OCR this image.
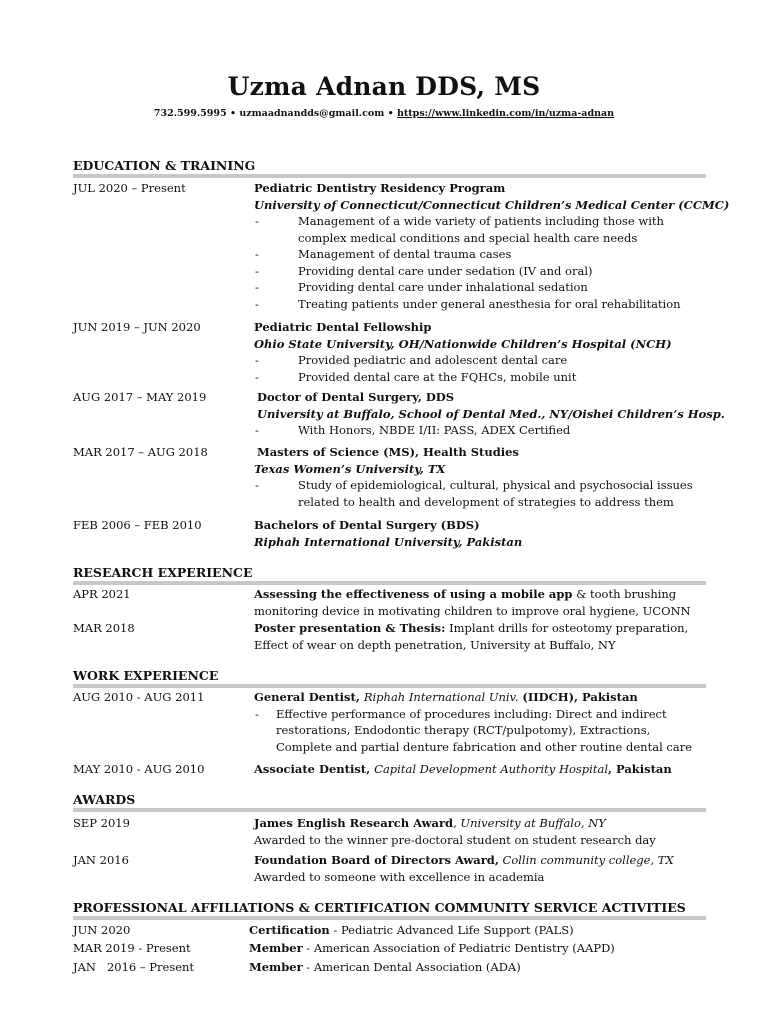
Uzma Adnan DDS, MS
732.599.5995 • uzmaadnandds@gmail.com • https://www.linkedin.com/in/uzma-adnan
EDUCATION & TRAINING
JUL 2020 – Present	Pediatric Dentistry Residency Program
University of Connecticut/Connecticut Children’s Medical Center (CCMC)
-	Management of a wide variety of patients including those with
complex medical conditions and special health care needs
-	Management of dental trauma cases
-	Providing dental care under sedation (IV and oral)
-	Providing dental care under inhalational sedation
-	Treating patients under general anesthesia for oral rehabilitation
JUN 2019 – JUN 2020	Pediatric Dental Fellowship
Ohio State University, OH/Nationwide Children’s Hospital (NCH)
-	Provided pediatric and adolescent dental care
-	Provided dental care at the FQHCs, mobile unit
AUG 2017 – MAY 2019	Doctor of Dental Surgery, DDS
University at Buffalo, School of Dental Med., NY/Oishei Children’s Hosp.
-	With Honors, NBDE I/II: PASS, ADEX Certified
MAR 2017 – AUG 2018	Masters of Science (MS), Health Studies
Texas Women’s University, TX
-	Study of epidemiological, cultural, physical and psychosocial issues
related to health and development of strategies to address them
FEB 2006 – FEB 2010	Bachelors of Dental Surgery (BDS)
Riphah International University, Pakistan
RESEARCH EXPERIENCE
APR 2021	Assessing the effectiveness of using a mobile app & tooth brushing
monitoring device in motivating children to improve oral hygiene, UCONN
MAR 2018	Poster presentation & Thesis: Implant drills for osteotomy preparation,
Effect of wear on depth penetration, University at Buffalo, NY
WORK EXPERIENCE
AUG 2010 - AUG 2011	General Dentist, Riphah International Univ. (IIDCH), Pakistan
- Effective performance of procedures including: Direct and indirect
restorations, Endodontic therapy (RCT/pulpotomy), Extractions,
Complete and partial denture fabrication and other routine dental care
MAY 2010 - AUG 2010	Associate Dentist, Capital Development Authority Hospital, Pakistan
AWARDS
SEP 2019	James English Research Award, University at Buffalo, NY
Awarded to the winner pre-doctoral student on student research day
JAN 2016	Foundation Board of Directors Award, Collin community college, TX
Awarded to someone with excellence in academia
PROFESSIONAL AFFILIATIONS & CERTIFICATION COMMUNITY SERVICE ACTIVITIES
JUN 2020	Certification - Pediatric Advanced Life Support (PALS)
MAR 2019 - Present	Member - American Association of Pediatric Dentistry (AAPD)
JAN   2016 – Present	Member - American Dental Association (ADA)
